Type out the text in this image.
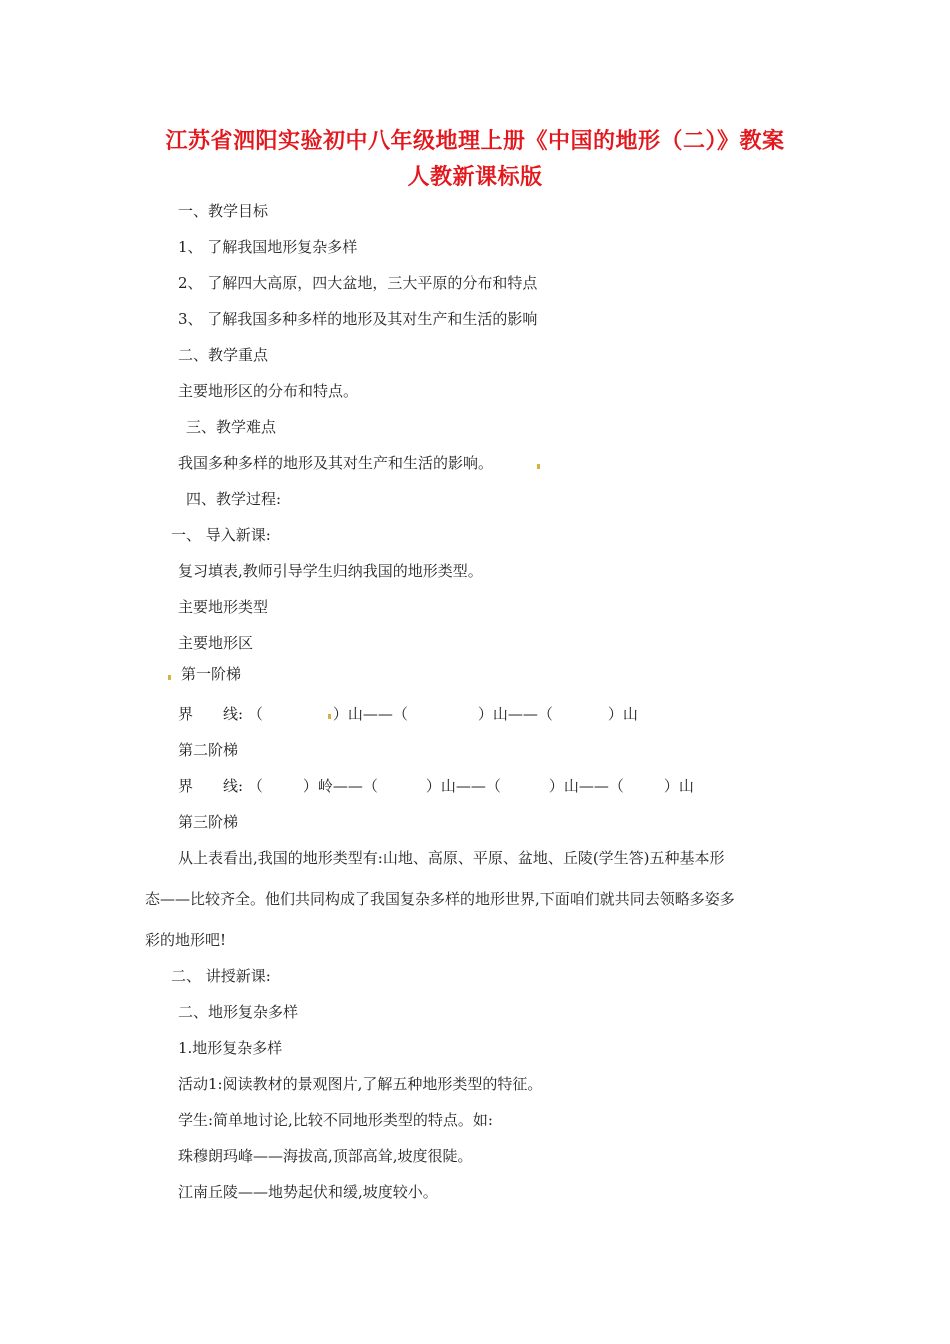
江苏省泗阳实验初中八年级地理上册《中国的地形（二）》教案
人教新课标版
一、教学目标
1、 了解我国地形复杂多样
2、 了解四大高原，四大盆地，三大平原的分布和特点
3、 了解我国多种多样的地形及其对生产和生活的影响
二、教学重点
主要地形区的分布和特点。
三、教学难点
我国多种多样的地形及其对生产和生活的影响。
四、教学过程:
一、 导入新课:
复习填表,教师引导学生归纳我国的地形类型。
主要地形类型
主要地形区
第一阶梯
界　　线: （	）山——（	）山——（	）山
第二阶梯
界　　线: （	）岭——（	）山——（	）山——（	）山
第三阶梯
从上表看出,我国的地形类型有:山地、高原、平原、盆地、丘陵(学生答)五种基本形
态——比较齐全。他们共同构成了我国复杂多样的地形世界,下面咱们就共同去领略多姿多
彩的地形吧!
二、 讲授新课:
二、地形复杂多样
1.地形复杂多样
活动1:阅读教材的景观图片,了解五种地形类型的特征。
学生:简单地讨论,比较不同地形类型的特点。如:
珠穆朗玛峰——海拔高,顶部高耸,坡度很陡。
江南丘陵——地势起伏和缓,坡度较小。
